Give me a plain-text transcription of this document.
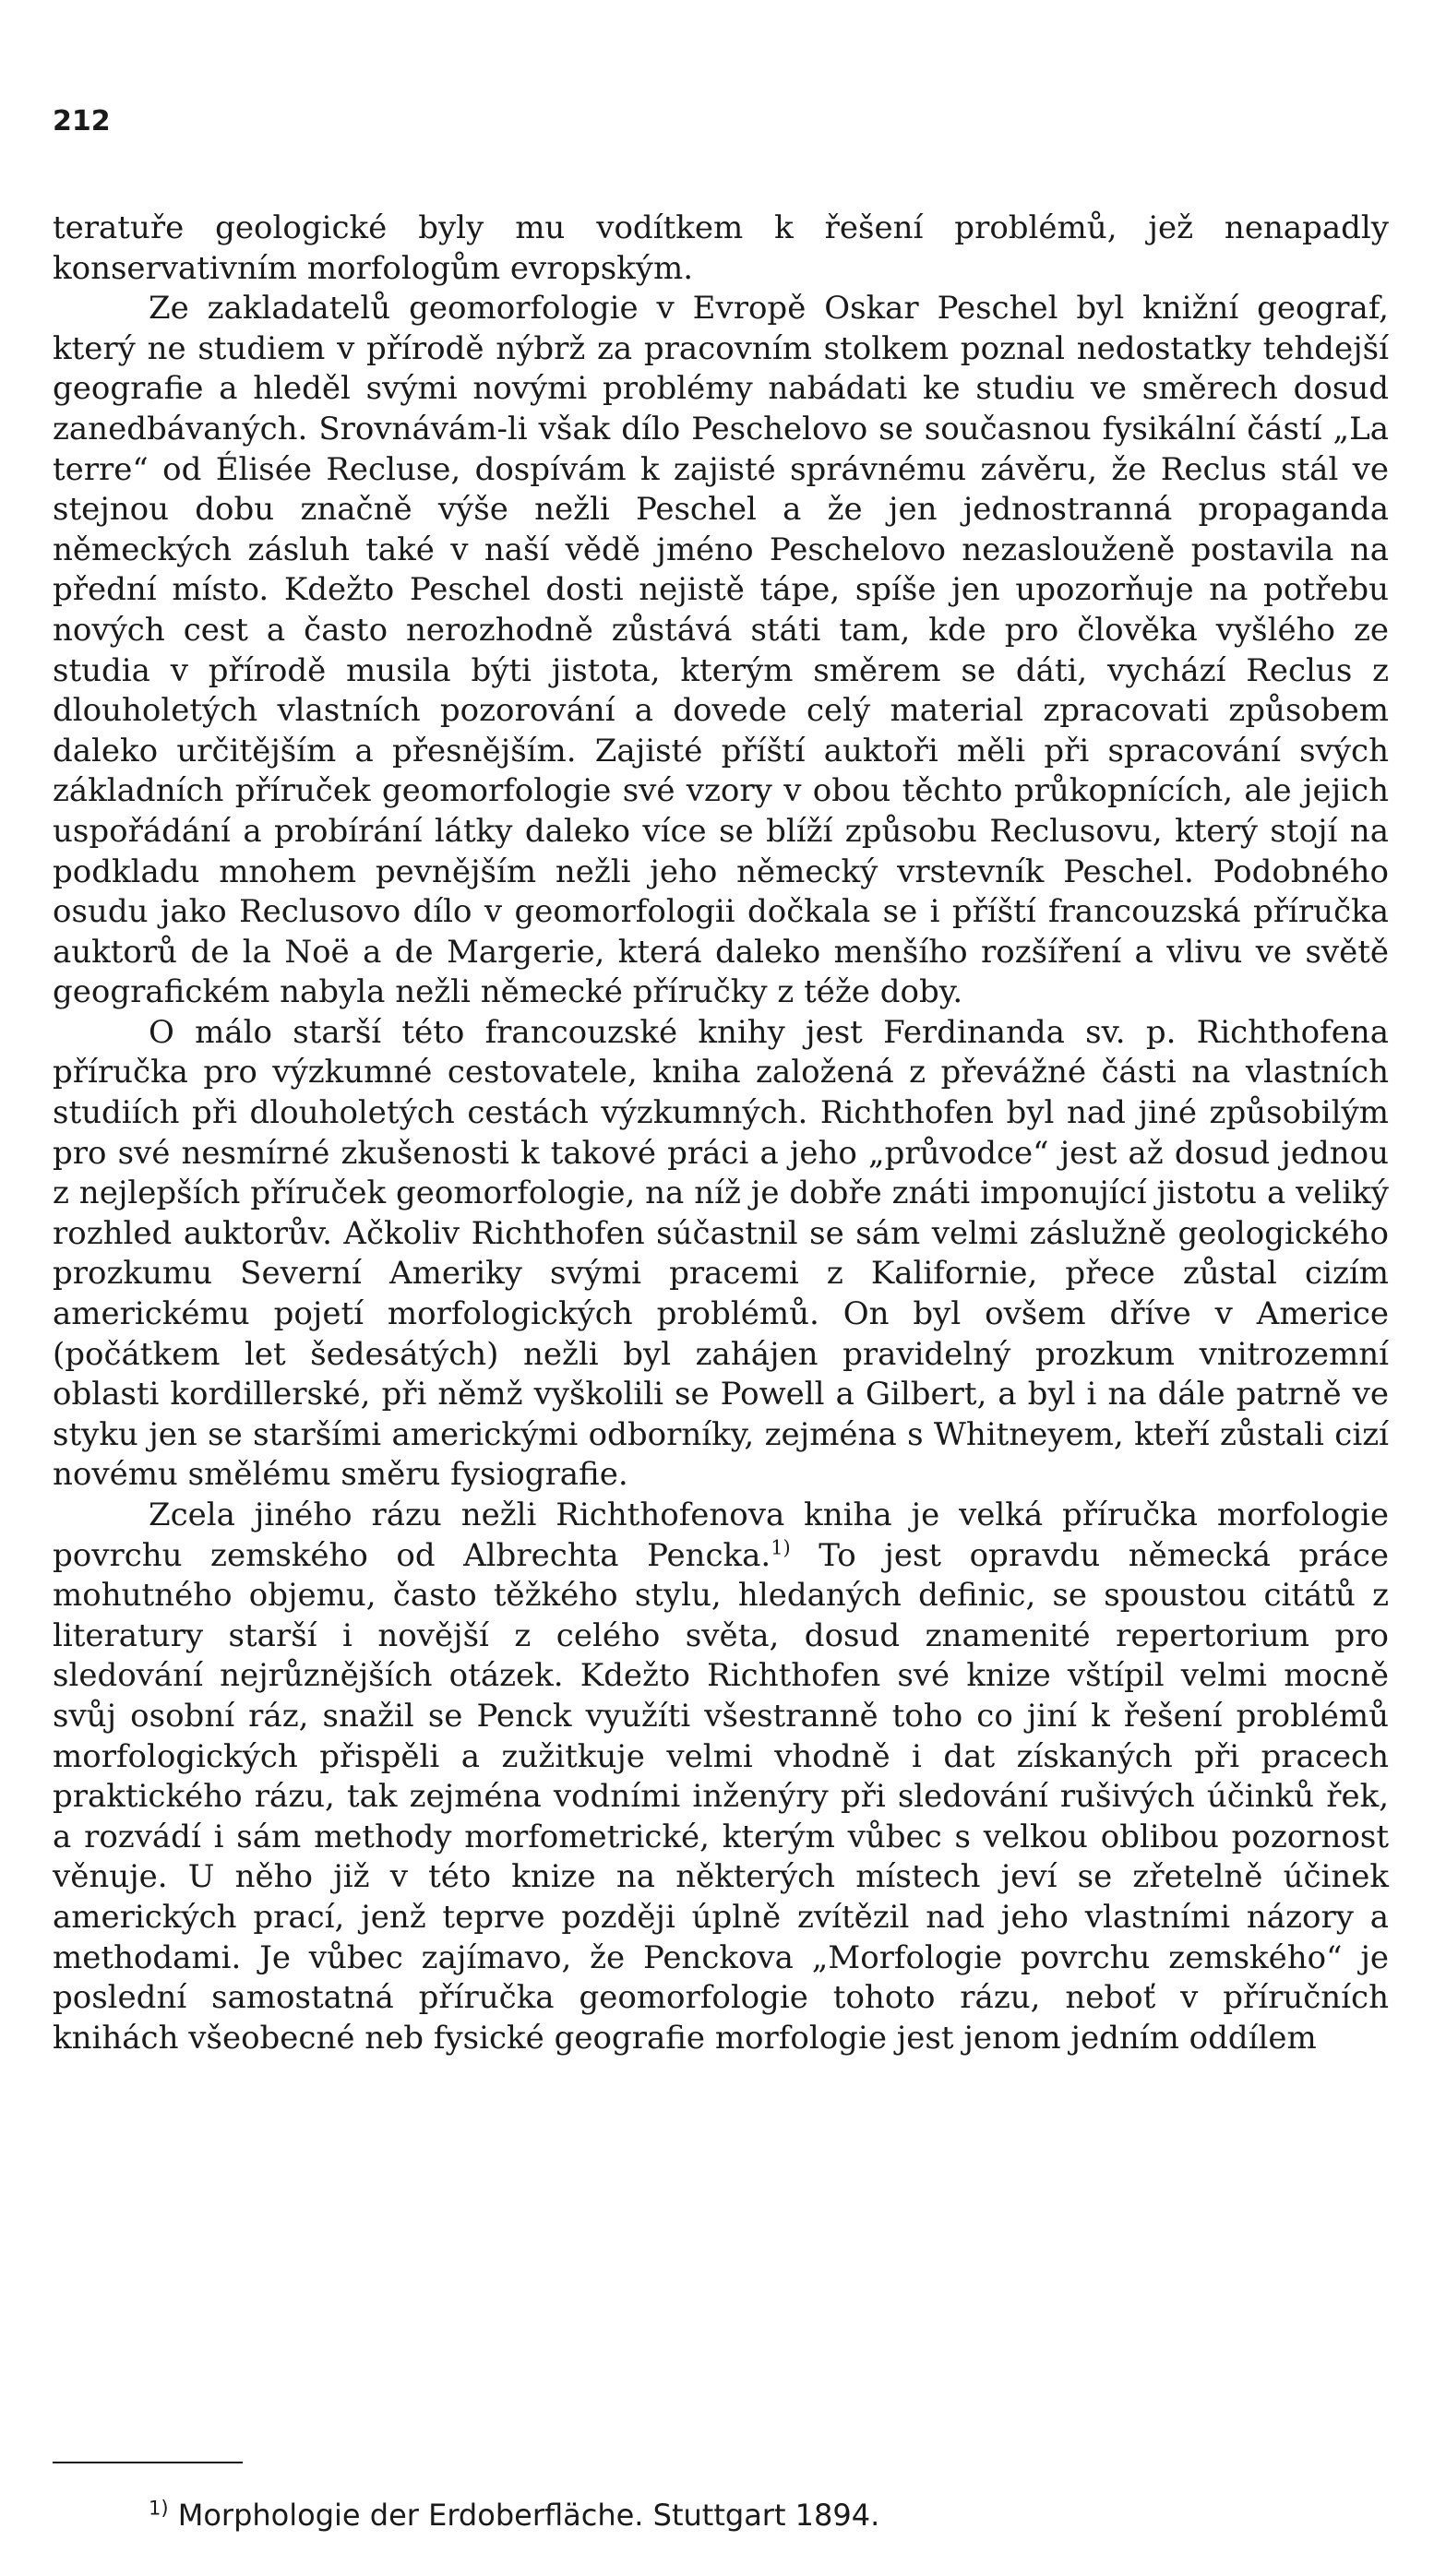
212

teratuře geologické byly mu vodítkem k řešení problémů, jež nenapadly konservativním morfologům evropským.

Ze zakladatelů geomorfologie v Evropě Oskar Peschel byl knižní geograf, který ne studiem v přírodě nýbrž za pracovním stolkem poznal nedostatky tehdejší geografie a hleděl svými novými problémy nabádati ke studiu ve směrech dosud zanedbávaných. Srovnávám-li však dílo Peschelovo se současnou fysikální částí „La terre“ od Élisée Recluse, dospívám k zajisté správnému závěru, že Reclus stál ve stejnou dobu značně výše nežli Peschel a že jen jednostranná propaganda německých zásluh také v naší vědě jméno Peschelovo nezaslouženě postavila na přední místo. Kdežto Peschel dosti nejistě tápe, spíše jen upozorňuje na potřebu nových cest a často nerozhodně zůstává státi tam, kde pro člověka vyšlého ze studia v přírodě musila býti jistota, kterým směrem se dáti, vychází Reclus z dlouholetých vlastních pozorování a dovede celý material zpracovati způsobem daleko určitějším a přesnějším. Zajisté příští auktoři měli při spracování svých základních příruček geomorfologie své vzory v obou těchto průkopnících, ale jejich uspořádání a probírání látky daleko více se blíží způsobu Reclusovu, který stojí na podkladu mnohem pevnějším nežli jeho německý vrstevník Peschel. Podobného osudu jako Reclusovo dílo v geomorfologii dočkala se i příští francouzská příručka auktorů de la Noë a de Margerie, která daleko menšího rozšíření a vlivu ve světě geografickém nabyla nežli německé příručky z téže doby.

O málo starší této francouzské knihy jest Ferdinanda sv. p. Richthofena příručka pro výzkumné cestovatele, kniha založená z převážné části na vlastních studiích při dlouholetých cestách výzkumných. Richthofen byl nad jiné způsobilým pro své nesmírné zkušenosti k takové práci a jeho „průvodce“ jest až dosud jednou z nejlepších příruček geomorfologie, na níž je dobře znáti imponující jistotu a veliký rozhled auktorův. Ačkoliv Richthofen súčastnil se sám velmi záslužně geologického prozkumu Severní Ameriky svými pracemi z Kalifornie, přece zůstal cizím americkému pojetí morfologických problémů. On byl ovšem dříve v Americe (počátkem let šedesátých) nežli byl zahájen pravidelný prozkum vnitrozemní oblasti kordillerské, při němž vyškolili se Powell a Gilbert, a byl i na dále patrně ve styku jen se staršími americkými odborníky, zejména s Whitneyem, kteří zůstali cizí novému smělému směru fysiografie.

Zcela jiného rázu nežli Richthofenova kniha je velká příručka morfologie povrchu zemského od Albrechta Pencka.$^{1)}$ To jest opravdu německá práce mohutného objemu, často těžkého stylu, hledaných definic, se spoustou citátů z literatury starší i novější z celého světa, dosud znamenité repertorium pro sledování nejrůznějších otázek. Kdežto Richthofen své knize vštípil velmi mocně svůj osobní ráz, snažil se Penck využíti všestranně toho co jiní k řešení problémů morfologických přispěli a zužitkuje velmi vhodně i dat získaných při pracech praktického rázu, tak zejména vodními inženýry při sledování rušivých účinků řek, a rozvádí i sám methody morfometrické, kterým vůbec s velkou oblibou pozornost věnuje. U něho již v této knize na některých místech jeví se zřetelně účinek amerických prací, jenž teprve později úplně zvítězil nad jeho vlastními názory a methodami. Je vůbec zajímavo, že Penckova „Morfologie povrchu zemského“ je poslední samostatná příručka geomorfologie tohoto rázu, neboť v příručních knihách všeobecné neb fysické geografie morfologie jest jenom jedním oddílem

$^{1)}$ Morphologie der Erdoberfläche. Stuttgart 1894.
